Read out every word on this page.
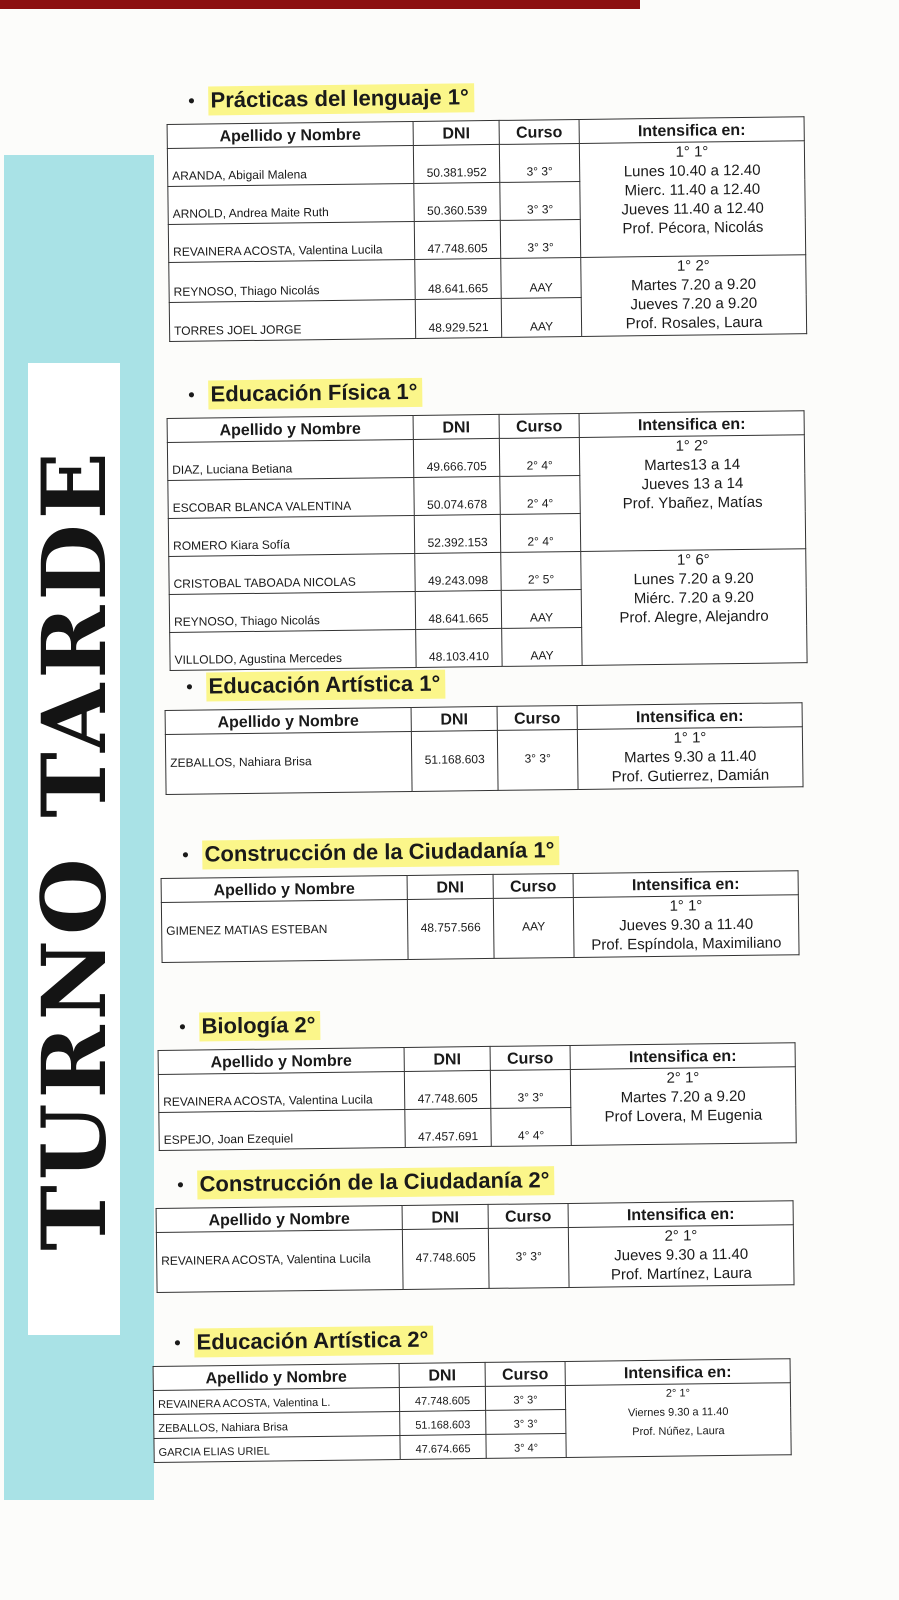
TURNO TARDE
• Prácticas del lenguaje 1°
Apellido y Nombre	DNI	Curso	Intensifica en:
ARANDA, Abigail Malena	50.381.952	3° 3°	1° 1°
Lunes 10.40 a 12.40
Mierc. 11.40 a 12.40
Jueves 11.40 a 12.40
Prof. Pécora, Nicolás

ARNOLD, Andrea Maite Ruth	50.360.539	3° 3°	
REVAINERA ACOSTA, Valentina Lucila	47.748.605	3° 3°	
REYNOSO, Thiago Nicolás	48.641.665	AAY	1° 2°
Martes 7.20 a 9.20
Jueves 7.20 a 9.20
Prof. Rosales, Laura

TORRES JOEL JORGE	48.929.521	AAY	
• Educación Física 1°
Apellido y Nombre	DNI	Curso	Intensifica en:
DIAZ, Luciana Betiana	49.666.705	2° 4°	1° 2°
Martes13 a 14
Jueves 13 a 14
Prof. Ybañez, Matías

ESCOBAR BLANCA VALENTINA	50.074.678	2° 4°	
ROMERO Kiara Sofía	52.392.153	2° 4°	
CRISTOBAL TABOADA NICOLAS	49.243.098	2° 5°	1° 6°
Lunes 7.20 a 9.20
Miérc. 7.20 a 9.20
Prof. Alegre, Alejandro

REYNOSO, Thiago Nicolás	48.641.665	AAY	
VILLOLDO, Agustina Mercedes	48.103.410	AAY	
• Educación Artística 1°
Apellido y Nombre	DNI	Curso	Intensifica en:
ZEBALLOS, Nahiara Brisa	51.168.603	3° 3°	1° 1°
Martes 9.30 a 11.40
Prof. Gutierrez, Damián
• Construcción de la Ciudadanía 1°
Apellido y Nombre	DNI	Curso	Intensifica en:
GIMENEZ MATIAS ESTEBAN	48.757.566	AAY	1° 1°
Jueves 9.30 a 11.40
Prof. Espíndola, Maximiliano
• Biología 2°
Apellido y Nombre	DNI	Curso	Intensifica en:
REVAINERA ACOSTA, Valentina Lucila	47.748.605	3° 3°	2° 1°
Martes 7.20 a 9.20
Prof Lovera, M Eugenia

ESPEJO, Joan Ezequiel	47.457.691	4° 4°	
• Construcción de la Ciudadanía 2°
Apellido y Nombre	DNI	Curso	Intensifica en:
REVAINERA ACOSTA, Valentina Lucila	47.748.605	3° 3°	2° 1°
Jueves 9.30 a 11.40
Prof. Martínez, Laura
• Educación Artística 2°
Apellido y Nombre	DNI	Curso	Intensifica en:
REVAINERA ACOSTA, Valentina L.	47.748.605	3° 3°	2° 1°
Viernes 9.30 a 11.40
Prof. Núñez, Laura

ZEBALLOS, Nahiara Brisa	51.168.603	3° 3°	
GARCIA ELIAS URIEL	47.674.665	3° 4°	
